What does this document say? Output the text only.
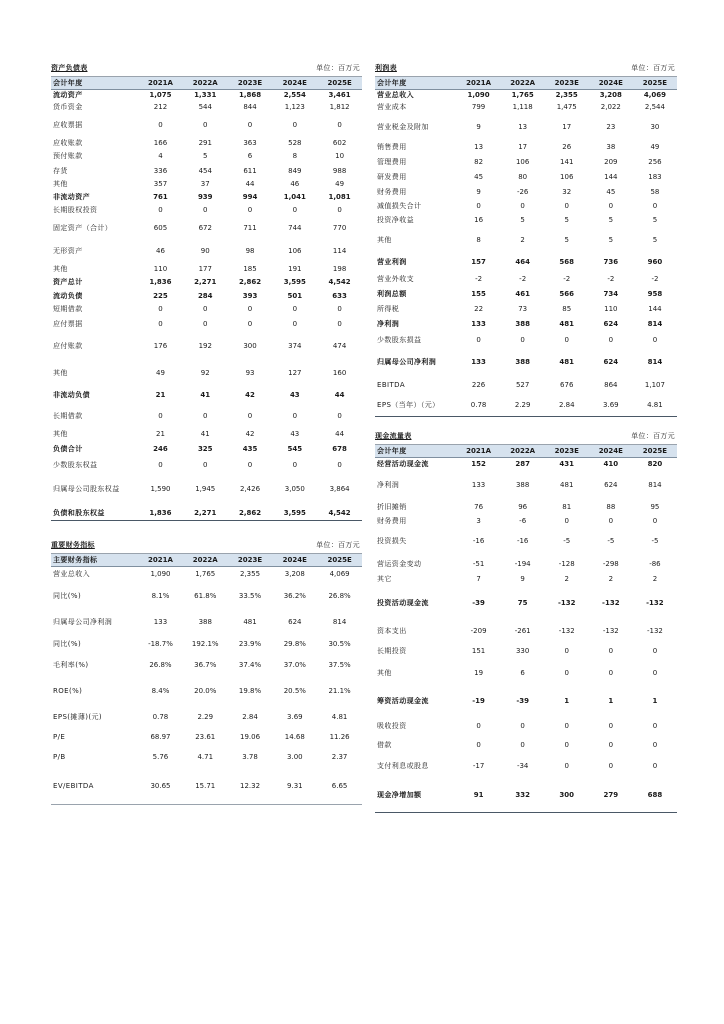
资产负债表	单位：百万元
会计年度	2021A	2022A	2023E	2024E	2025E
流动资产	1,075	1,331	1,868	2,554	3,461
货币资金	212	544	844	1,123	1,812
应收票据	0	0	0	0	0
应收账款	166	291	363	528	602
预付账款	4	5	6	8	10
存货	336	454	611	849	988
其他	357	37	44	46	49
非流动资产	761	939	994	1,041	1,081
长期股权投资	0	0	0	0	0
固定资产（合计）	605	672	711	744	770
无形资产	46	90	98	106	114
其他	110	177	185	191	198
资产总计	1,836	2,271	2,862	3,595	4,542
流动负债	225	284	393	501	633
短期借款	0	0	0	0	0
应付票据	0	0	0	0	0
应付账款	176	192	300	374	474
其他	49	92	93	127	160
非流动负债	21	41	42	43	44
长期借款	0	0	0	0	0
其他	21	41	42	43	44
负债合计	246	325	435	545	678
少数股东权益	0	0	0	0	0
归属母公司股东权益	1,590	1,945	2,426	3,050	3,864
负债和股东权益	1,836	2,271	2,862	3,595	4,542
重要财务指标	单位：百万元
主要财务指标	2021A	2022A	2023E	2024E	2025E
营业总收入	1,090	1,765	2,355	3,208	4,069
同比(%)	8.1%	61.8%	33.5%	36.2%	26.8%
归属母公司净利润	133	388	481	624	814
同比(%)	-18.7%	192.1%	23.9%	29.8%	30.5%
毛利率(%)	26.8%	36.7%	37.4%	37.0%	37.5%
ROE(%)	8.4%	20.0%	19.8%	20.5%	21.1%
EPS(摊薄)(元)	0.78	2.29	2.84	3.69	4.81
P/E	68.97	23.61	19.06	14.68	11.26
P/B	5.76	4.71	3.78	3.00	2.37
EV/EBITDA	30.65	15.71	12.32	9.31	6.65
利润表	单位：百万元
会计年度	2021A	2022A	2023E	2024E	2025E
营业总收入	1,090	1,765	2,355	3,208	4,069
营业成本	799	1,118	1,475	2,022	2,544
营业税金及附加	9	13	17	23	30
销售费用	13	17	26	38	49
管理费用	82	106	141	209	256
研发费用	45	80	106	144	183
财务费用	9	-26	32	45	58
减值损失合计	0	0	0	0	0
投资净收益	16	5	5	5	5
其他	8	2	5	5	5
营业利润	157	464	568	736	960
营业外收支	-2	-2	-2	-2	-2
利润总额	155	461	566	734	958
所得税	22	73	85	110	144
净利润	133	388	481	624	814
少数股东损益	0	0	0	0	0
归属母公司净利润	133	388	481	624	814
EBITDA	226	527	676	864	1,107
EPS（当年）（元）	0.78	2.29	2.84	3.69	4.81
现金流量表	单位：百万元
会计年度	2021A	2022A	2023E	2024E	2025E
经营活动现金流	152	287	431	410	820
净利润	133	388	481	624	814
折旧摊销	76	96	81	88	95
财务费用	3	-6	0	0	0
投资损失	-16	-16	-5	-5	-5
营运资金变动	-51	-194	-128	-298	-86
其它	7	9	2	2	2
投资活动现金流	-39	75	-132	-132	-132
资本支出	-209	-261	-132	-132	-132
长期投资	151	330	0	0	0
其他	19	6	0	0	0
筹资活动现金流	-19	-39	1	1	1
吸收投资	0	0	0	0	0
借款	0	0	0	0	0
支付利息或股息	-17	-34	0	0	0
现金净增加额	91	332	300	279	688
